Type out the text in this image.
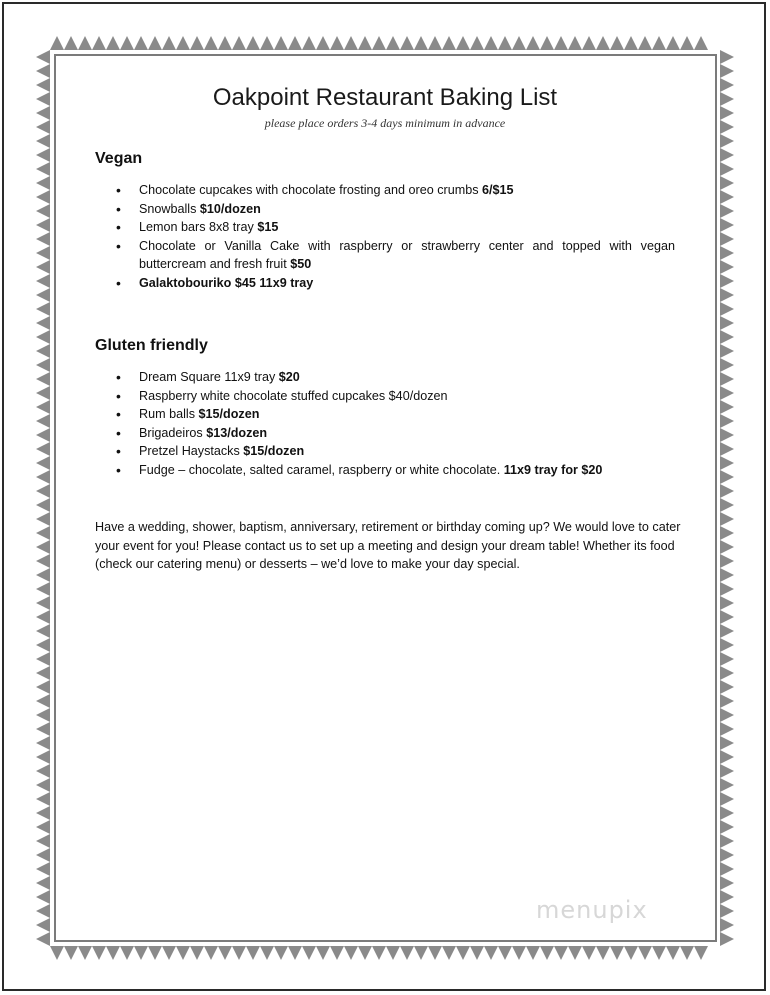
Oakpoint Restaurant Baking List
please place orders 3-4 days minimum in advance
Vegan
• Chocolate cupcakes with chocolate frosting and oreo crumbs 6/$15
• Snowballs $10/dozen
• Lemon bars 8x8 tray $15
• Chocolate or Vanilla Cake with raspberry or strawberry center and topped with vegan buttercream and fresh fruit $50
• Galaktobouriko $45 11x9 tray
Gluten friendly
• Dream Square 11x9 tray $20
• Raspberry white chocolate stuffed cupcakes $40/dozen
• Rum balls $15/dozen
• Brigadeiros $13/dozen
• Pretzel Haystacks $15/dozen
• Fudge – chocolate, salted caramel, raspberry or white chocolate. 11x9 tray for $20
Have a wedding, shower, baptism, anniversary, retirement or birthday coming up? We would love to cater your event for you! Please contact us to set up a meeting and design your dream table! Whether its food (check our catering menu) or desserts – we’d love to make your day special.
menupix
